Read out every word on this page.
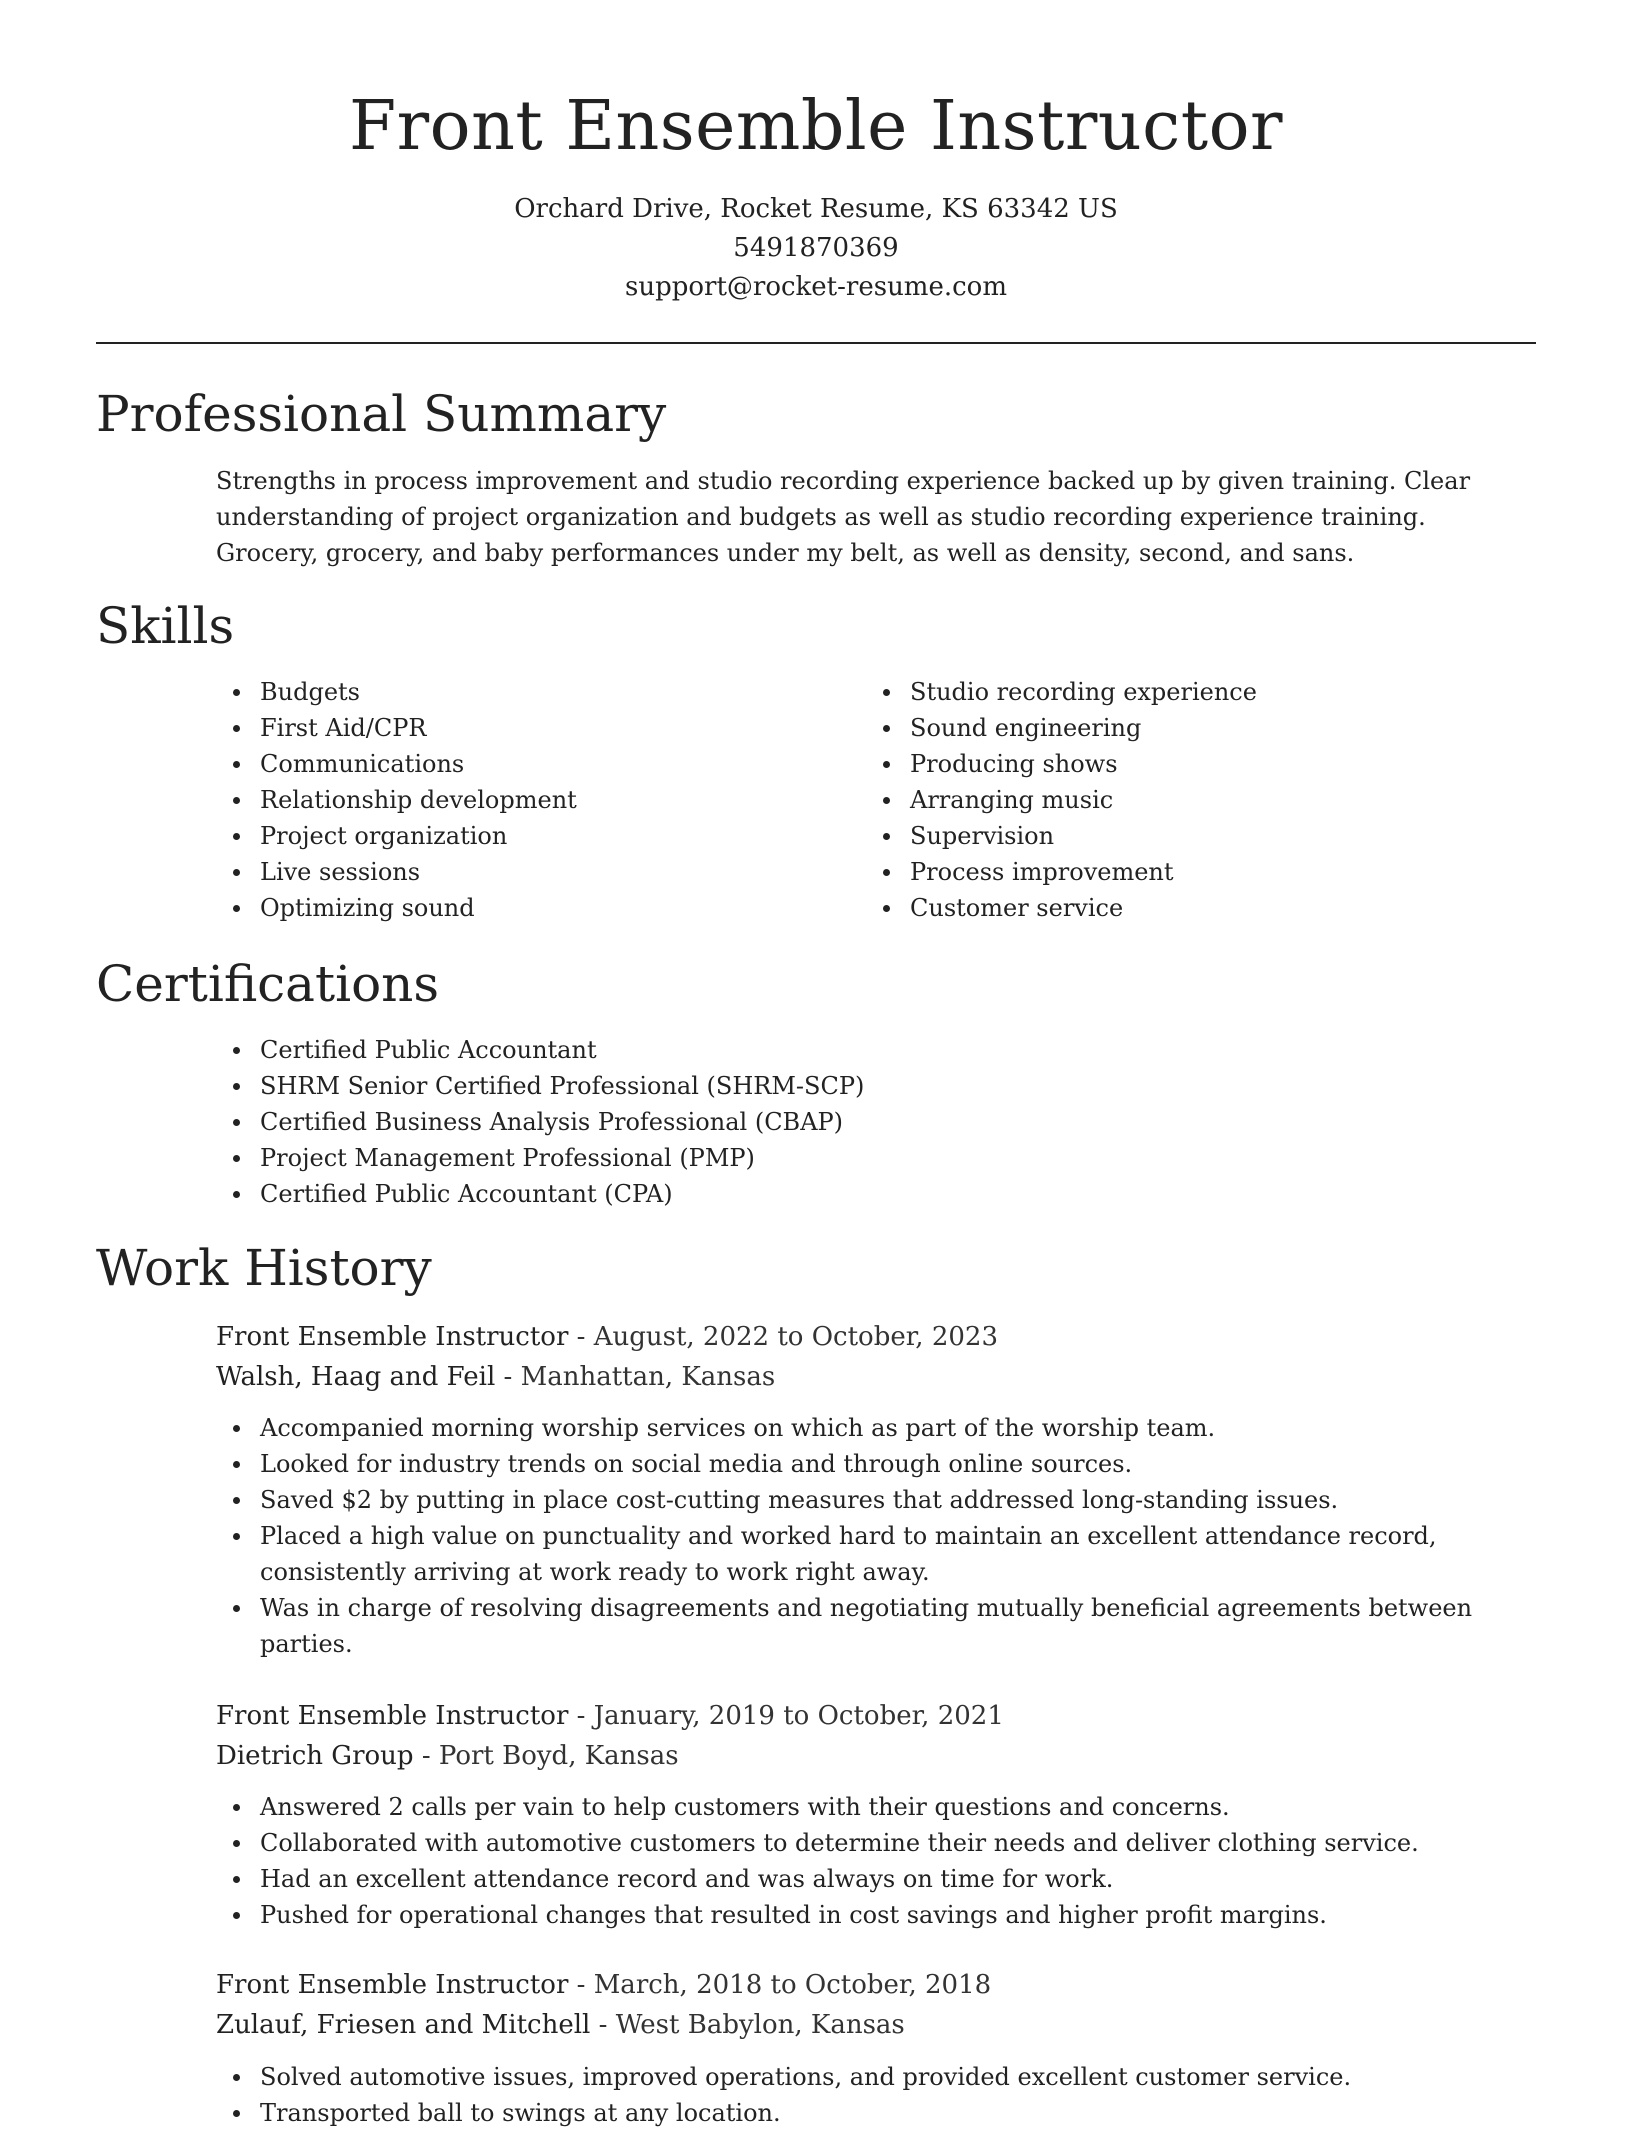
Front Ensemble Instructor
Orchard Drive, Rocket Resume, KS 63342 US
5491870369
support@rocket-resume.com
Professional Summary

Strengths in process improvement and studio recording experience backed up by given training. Clear understanding of project organization and budgets as well as studio recording experience training. Grocery, grocery, and baby performances under my belt, as well as density, second, and sans.

Skills
Budgets
First Aid/CPR
Communications
Relationship development
Project organization
Live sessions
Optimizing sound
Studio recording experience
Sound engineering
Producing shows
Arranging music
Supervision
Process improvement
Customer service
Certifications
Certified Public Accountant
SHRM Senior Certified Professional (SHRM-SCP)
Certified Business Analysis Professional (CBAP)
Project Management Professional (PMP)
Certified Public Accountant (CPA)
Work History
Front Ensemble Instructor - August, 2022 to October, 2023
Walsh, Haag and Feil - Manhattan, Kansas
Accompanied morning worship services on which as part of the worship team.
Looked for industry trends on social media and through online sources.
Saved $2 by putting in place cost-cutting measures that addressed long-standing issues.
Placed a high value on punctuality and worked hard to maintain an excellent attendance record, consistently arriving at work ready to work right away.
Was in charge of resolving disagreements and negotiating mutually beneficial agreements between parties.
Front Ensemble Instructor - January, 2019 to October, 2021
Dietrich Group - Port Boyd, Kansas
Answered 2 calls per vain to help customers with their questions and concerns.
Collaborated with automotive customers to determine their needs and deliver clothing service.
Had an excellent attendance record and was always on time for work.
Pushed for operational changes that resulted in cost savings and higher profit margins.
Front Ensemble Instructor - March, 2018 to October, 2018
Zulauf, Friesen and Mitchell - West Babylon, Kansas
Solved automotive issues, improved operations, and provided excellent customer service.
Transported ball to swings at any location.
